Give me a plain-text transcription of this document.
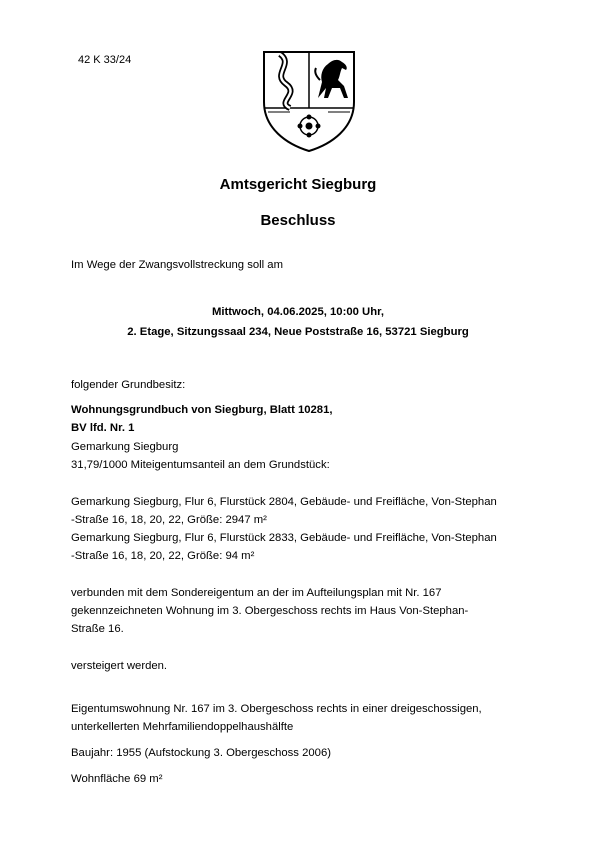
42 K 33/24
Amtsgericht Siegburg
Beschluss
Im Wege der Zwangsvollstreckung soll am
Mittwoch, 04.06.2025, 10:00 Uhr,
2. Etage, Sitzungssaal 234, Neue Poststraße 16, 53721 Siegburg
folgender Grundbesitz:
Wohnungsgrundbuch von Siegburg, Blatt 10281,
BV lfd. Nr. 1
Gemarkung Siegburg
31,79/1000 Miteigentumsanteil an dem Grundstück:
Gemarkung Siegburg, Flur 6, Flurstück 2804, Gebäude- und Freifläche, Von-Stephan
-Straße 16, 18, 20, 22, Größe: 2947 m²
Gemarkung Siegburg, Flur 6, Flurstück 2833, Gebäude- und Freifläche, Von-Stephan
-Straße 16, 18, 20, 22, Größe: 94 m²
verbunden mit dem Sondereigentum an der im Aufteilungsplan mit Nr. 167
gekennzeichneten Wohnung im 3. Obergeschoss rechts im Haus Von-Stephan-
Straße 16.
versteigert werden.
Eigentumswohnung Nr. 167 im 3. Obergeschoss rechts in einer dreigeschossigen,
unterkellerten Mehrfamiliendoppelhaushälfte
Baujahr: 1955 (Aufstockung 3. Obergeschoss 2006)
Wohnfläche 69 m²
